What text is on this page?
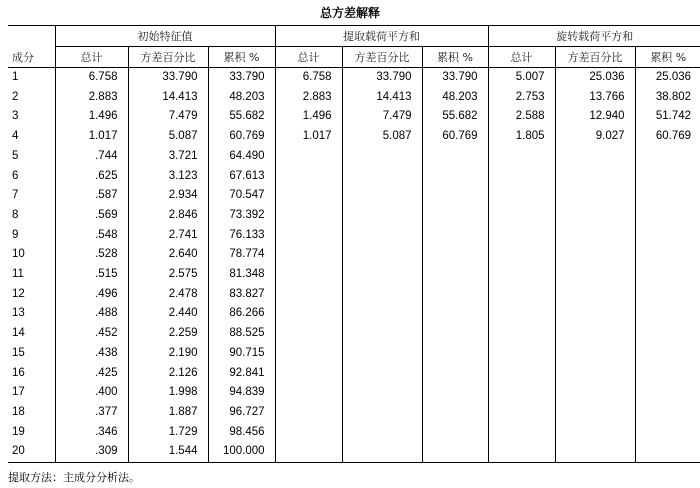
总方差解释
成分	初始特征值			提取载荷平方和			旋转载荷平方和		
	总计	方差百分比	累积 %	总计	方差百分比	累积 %	总计	方差百分比	累积 %
1	6.758	33.790	33.790	6.758	33.790	33.790	5.007	25.036	25.036
2	2.883	14.413	48.203	2.883	14.413	48.203	2.753	13.766	38.802
3	1.496	7.479	55.682	1.496	7.479	55.682	2.588	12.940	51.742
4	1.017	5.087	60.769	1.017	5.087	60.769	1.805	9.027	60.769
5	.744	3.721	64.490						
6	.625	3.123	67.613						
7	.587	2.934	70.547						
8	.569	2.846	73.392						
9	.548	2.741	76.133						
10	.528	2.640	78.774						
11	.515	2.575	81.348						
12	.496	2.478	83.827						
13	.488	2.440	86.266						
14	.452	2.259	88.525						
15	.438	2.190	90.715						
16	.425	2.126	92.841						
17	.400	1.998	94.839						
18	.377	1.887	96.727						
19	.346	1.729	98.456						
20	.309	1.544	100.000						
提取方法：主成分分析法。
